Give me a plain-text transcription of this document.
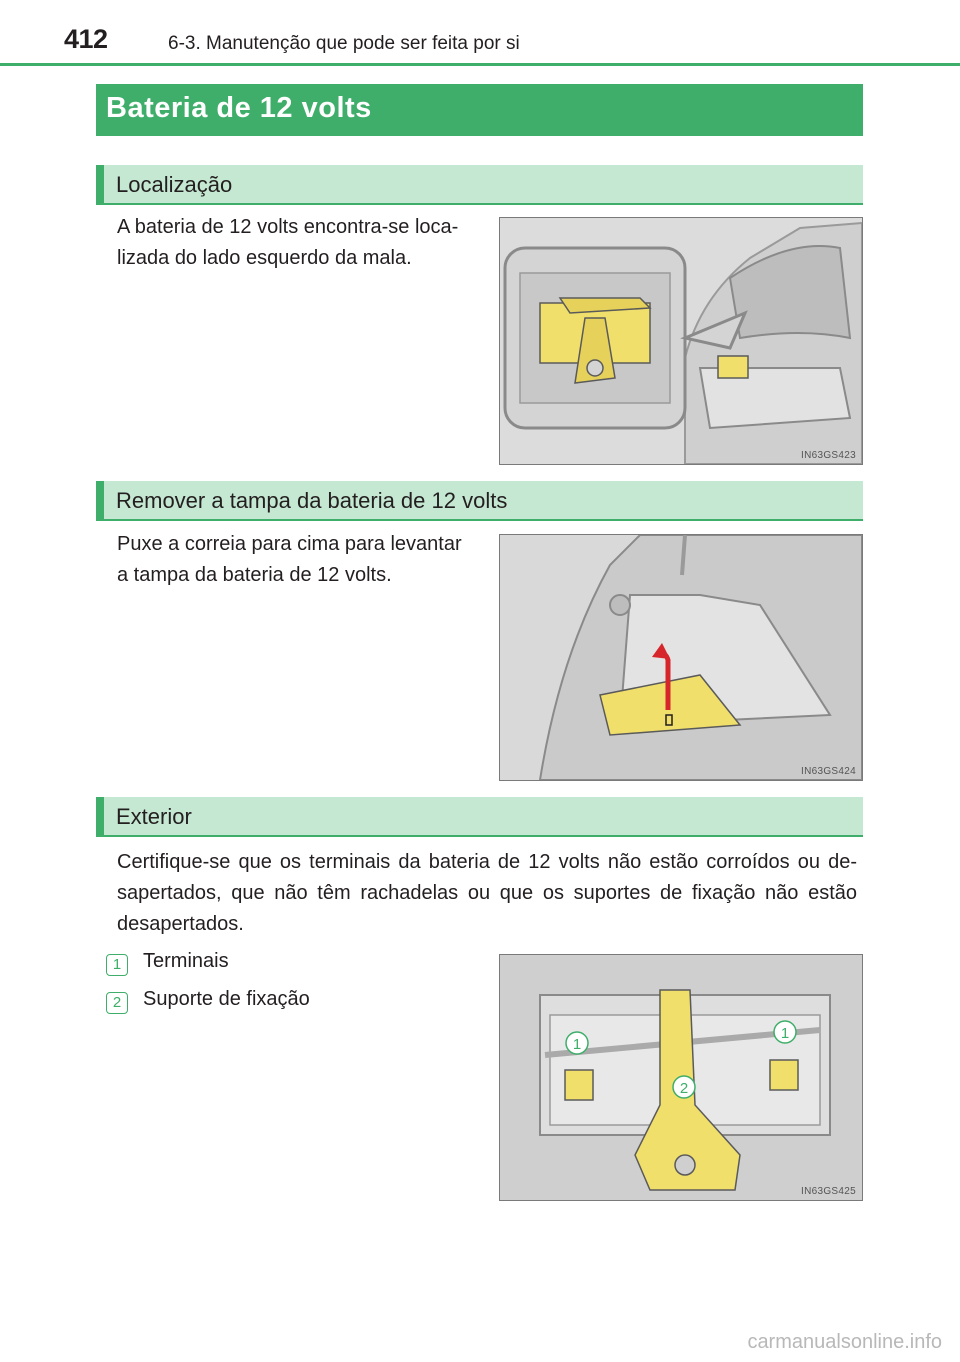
412	6-3. Manutenção que pode ser feita por si
Bateria de 12 volts
Localização
A bateria de 12 volts encontra-se loca-
lizada do lado esquerdo da mala.
IN63GS423
Remover a tampa da bateria de 12 volts
Puxe a correia para cima para levantar
a tampa da bateria de 12 volts.
IN63GS424
Exterior
Certifique-se que os terminais da bateria de 12 volts não estão corroídos ou de-sapertados, que não têm rachadelas ou que os suportes de fixação não estão desapertados.
1	Terminais
2	Suporte de fixação
1
1
2
IN63GS425
carmanualsonline.info
